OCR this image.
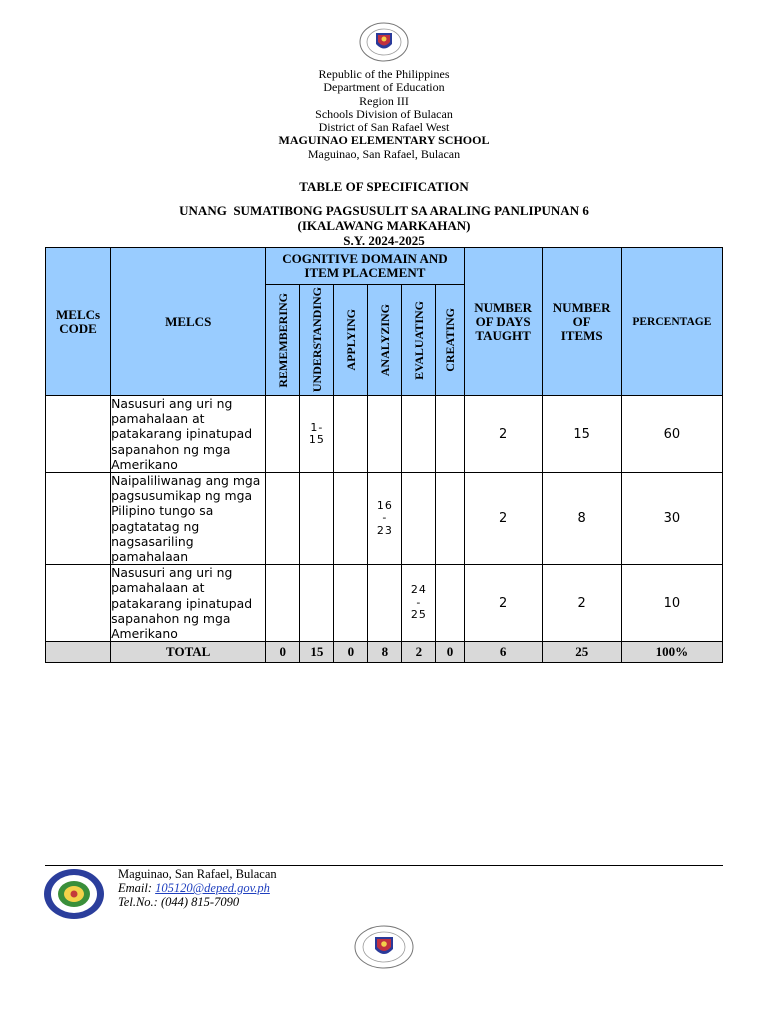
Republic of the Philippines
Department of Education
Region III
Schools Division of Bulacan
District of San Rafael West
MAGUINAO ELEMENTARY SCHOOL
Maguinao, San Rafael, Bulacan
TABLE OF SPECIFICATION
UNANG  SUMATIBONG PAGSUSULIT SA ARALING PANLIPUNAN 6
(IKALAWANG MARKAHAN)
S.Y. 2024-2025
MELCs CODE	MELCS	COGNITIVE DOMAIN AND ITEM PLACEMENT						NUMBER OF DAYS TAUGHT	NUMBER OF ITEMS	PERCENTAGE

		REMEMBERING	UNDERSTANDING	APPLYING	ANALYZING	EVALUATING	CREATING			

	Nasusuri ang uri ng pamahalaan at patakarang ipinatupad sapanahon ng mga Amerikano		1-
15					2	15	60
	Naipaliliwanag ang mga  pagsusumikap ng mga Pilipino tungo sa pagtatatag ng nagsasariling pamahalaan				16
-
23			2	8	30
	Nasusuri ang uri ng pamahalaan at patakarang ipinatupad sapanahon ng mga Amerikano					24
-
25		2	2	10
	TOTAL	0	15	0	8	2	0	6	25	100%
Maguinao, San Rafael, Bulacan
Email: 105120@deped.gov.ph
Tel.No.: (044) 815-7090
